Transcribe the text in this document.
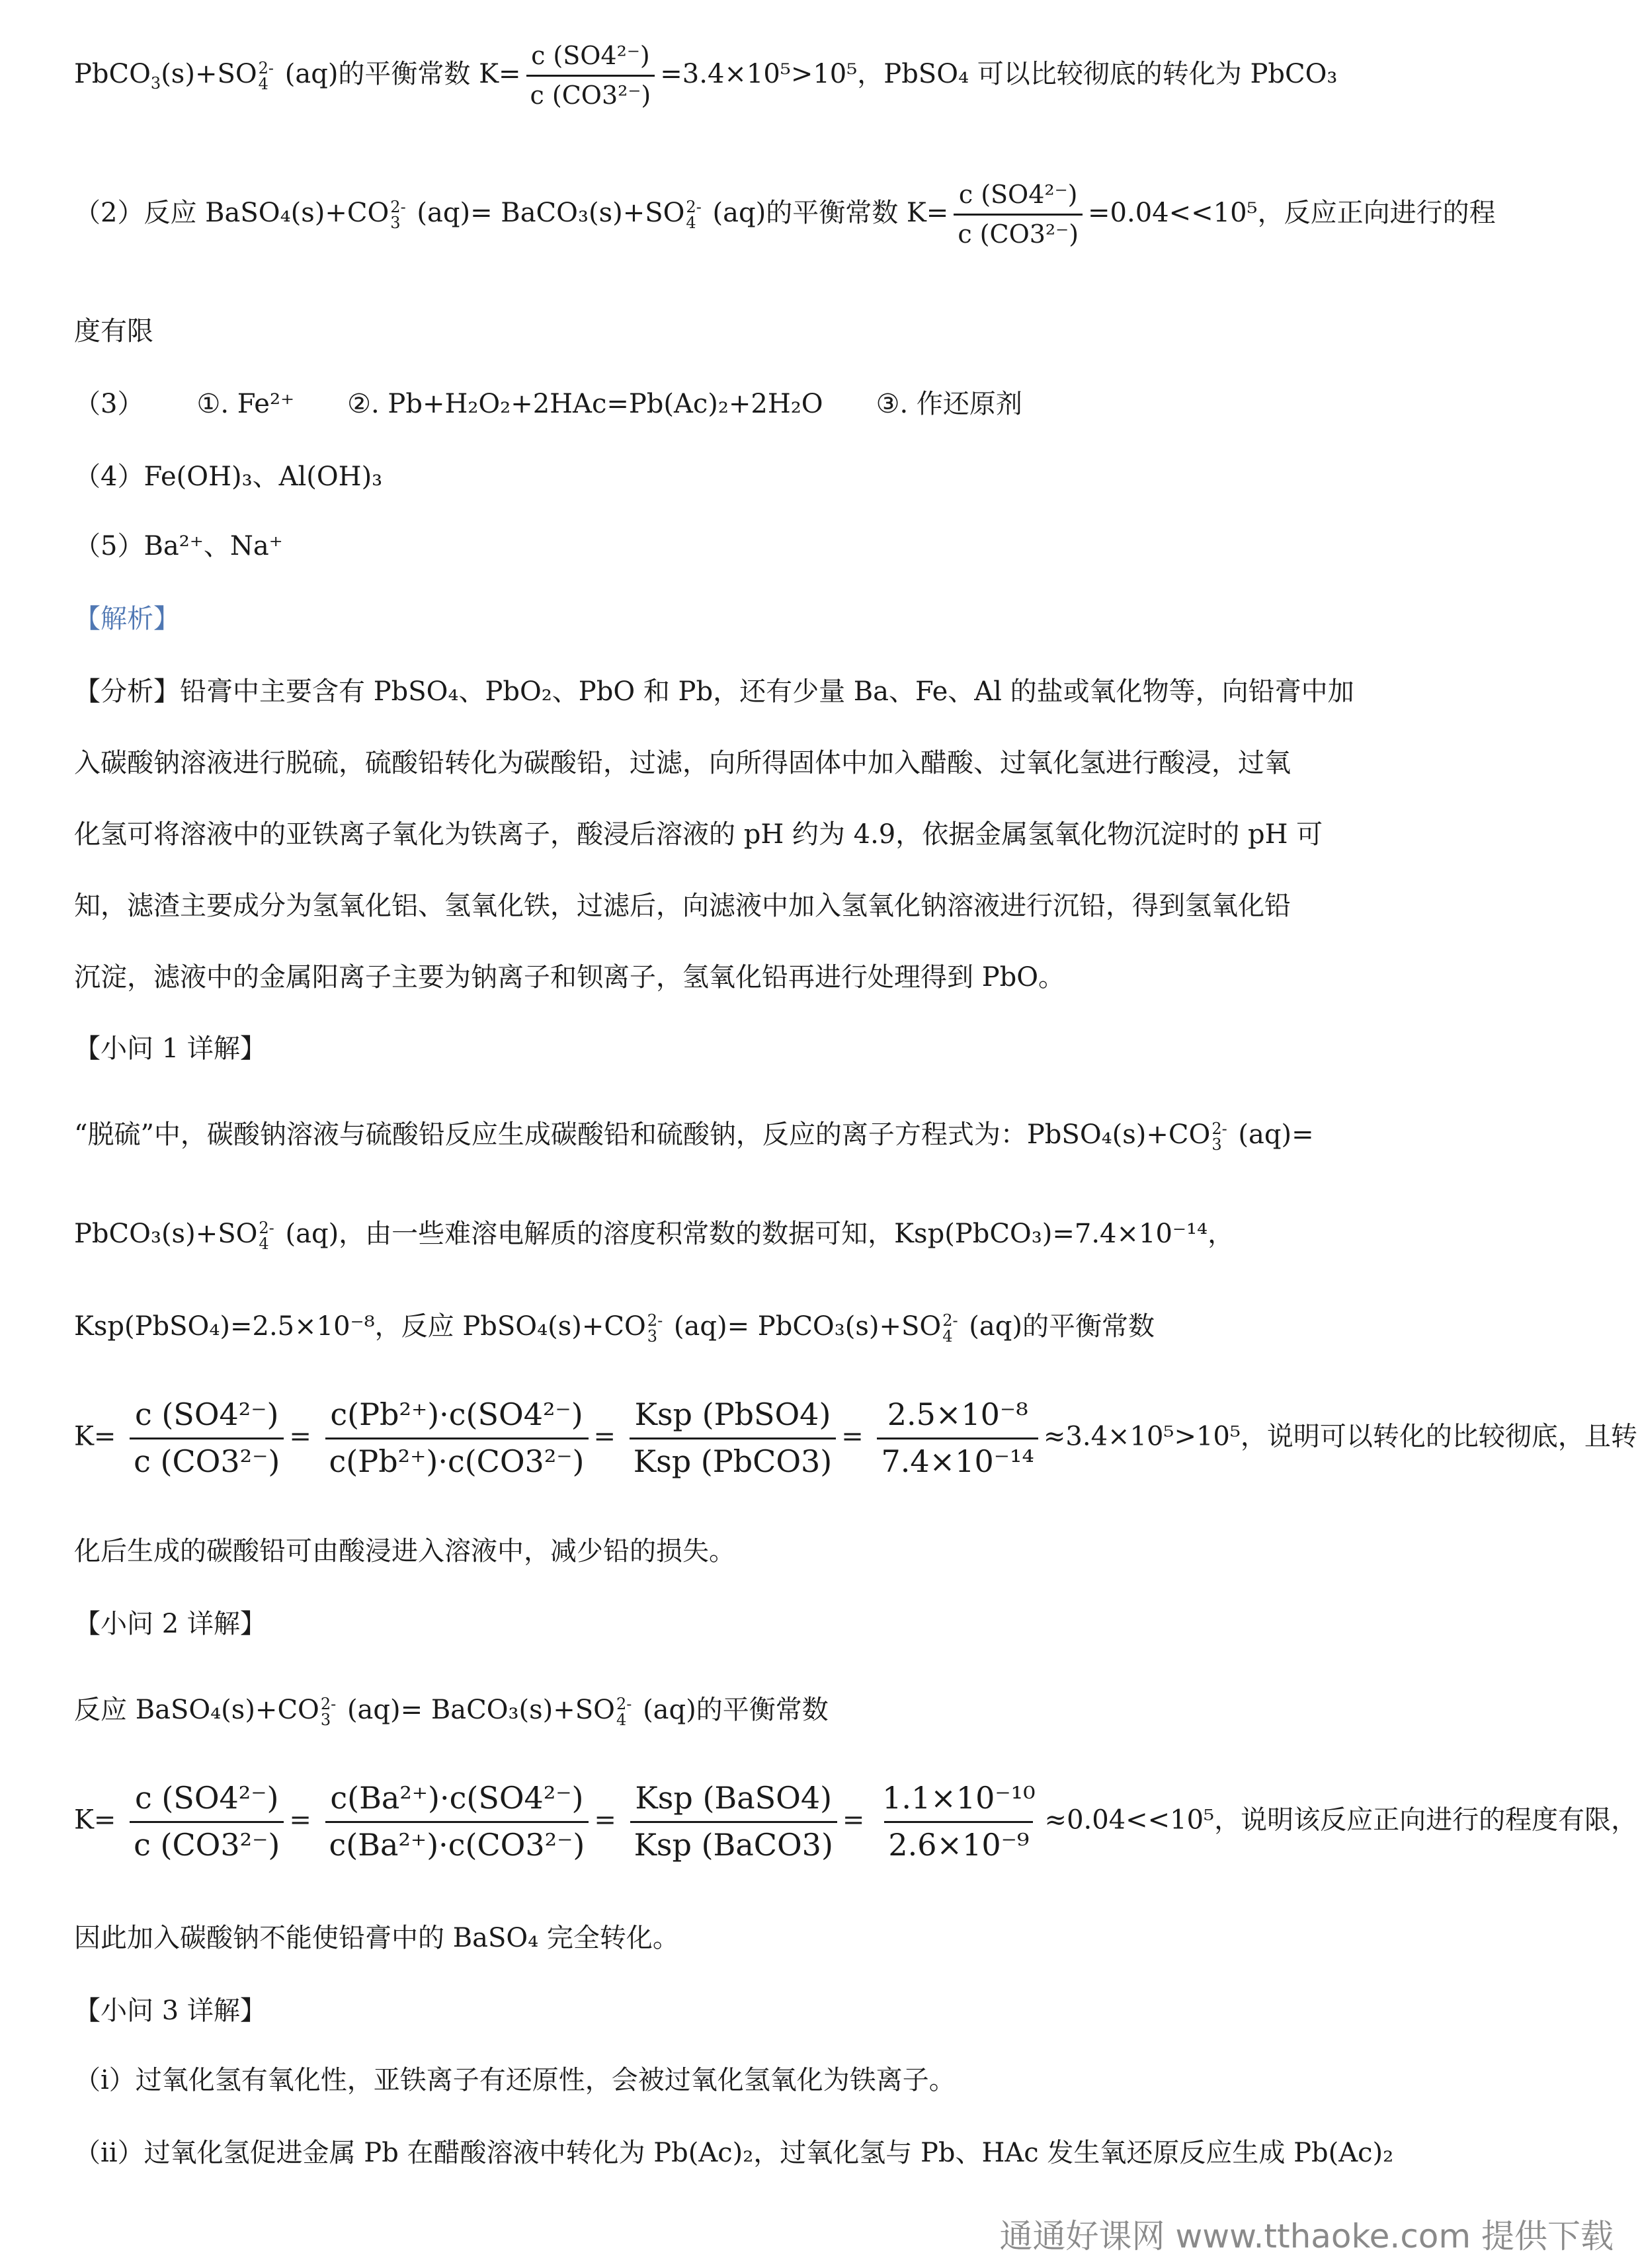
PbCO$_3$(s)+SO 2-
4 (aq)的平衡常数 $K= \frac{\text{c (SO4²⁻)}}{\text{c (CO3²⁻)}} =3.4\times 10^5>10^5$，PbSO₄ 可以比较彻底的转化为 PbCO₃
（2）反应 BaSO₄(s)+CO 2-
3 (aq)= BaCO₃(s)+SO 2-
4 (aq)的平衡常数 $K= \frac{\text{c (SO4²⁻)}}{\text{c (CO3²⁻)}} =0.04<<10^5$，反应正向进行的程
度有限
（3） ①. Fe²⁺ ②. Pb+H₂O₂+2HAc=Pb(Ac)₂+2H₂O ③. 作还原剂
（4）Fe(OH)₃、Al(OH)₃
（5）Ba²⁺、Na⁺
【解析】
【分析】铅膏中主要含有 PbSO₄、PbO₂、PbO 和 Pb，还有少量 Ba、Fe、Al 的盐或氧化物等，向铅膏中加
入碳酸钠溶液进行脱硫，硫酸铅转化为碳酸铅，过滤，向所得固体中加入醋酸、过氧化氢进行酸浸，过氧
化氢可将溶液中的亚铁离子氧化为铁离子，酸浸后溶液的 pH 约为 4.9，依据金属氢氧化物沉淀时的 pH 可
知，滤渣主要成分为氢氧化铝、氢氧化铁，过滤后，向滤液中加入氢氧化钠溶液进行沉铅，得到氢氧化铅
沉淀，滤液中的金属阳离子主要为钠离子和钡离子，氢氧化铅再进行处理得到 PbO。
【小问 1 详解】
“脱硫”中，碳酸钠溶液与硫酸铅反应生成碳酸铅和硫酸钠，反应的离子方程式为：PbSO₄(s)+CO 2-
3 (aq)=
PbCO₃(s)+SO 2-
4 (aq)，由一些难溶电解质的溶度积常数的数据可知，Ksp(PbCO₃)=7.4×10⁻¹⁴，
Ksp(PbSO₄)=2.5×10⁻⁸，反应 PbSO₄(s)+CO 2-
3 (aq)= PbCO₃(s)+SO 2-
4 (aq)的平衡常数
$K= \frac{\text{c (SO4²⁻)}}{\text{c (CO3²⁻)}} = \frac{\text{c(Pb²⁺)·c(SO4²⁻)}}{\text{c(Pb²⁺)·c(CO3²⁻)}} = \frac{\text{Ksp (PbSO4)}}{\text{Ksp (PbCO3)}} = \frac{\text{2.5×10⁻⁸}}{\text{7.4×10⁻¹⁴}} \approx 3.4\times 10^5>10^5$，说明可以转化的比较彻底，且转
化后生成的碳酸铅可由酸浸进入溶液中，减少铅的损失。
【小问 2 详解】
反应 BaSO₄(s)+CO 2-
3 (aq)= BaCO₃(s)+SO 2-
4 (aq)的平衡常数
$K= \frac{\text{c (SO4²⁻)}}{\text{c (CO3²⁻)}} = \frac{\text{c(Ba²⁺)·c(SO4²⁻)}}{\text{c(Ba²⁺)·c(CO3²⁻)}} = \frac{\text{Ksp (BaSO4)}}{\text{Ksp (BaCO3)}} = \frac{\text{1.1×10⁻¹⁰}}{\text{2.6×10⁻⁹}} \approx 0.04<<10^5$，说明该反应正向进行的程度有限，
因此加入碳酸钠不能使铅膏中的 BaSO₄ 完全转化。
【小问 3 详解】
（ⅰ）过氧化氢有氧化性，亚铁离子有还原性，会被过氧化氢氧化为铁离子。
（ⅱ）过氧化氢促进金属 Pb 在醋酸溶液中转化为 Pb(Ac)₂，过氧化氢与 Pb、HAc 发生氧还原反应生成 Pb(Ac)₂
通通好课网 www.tthaoke.com 提供下载
